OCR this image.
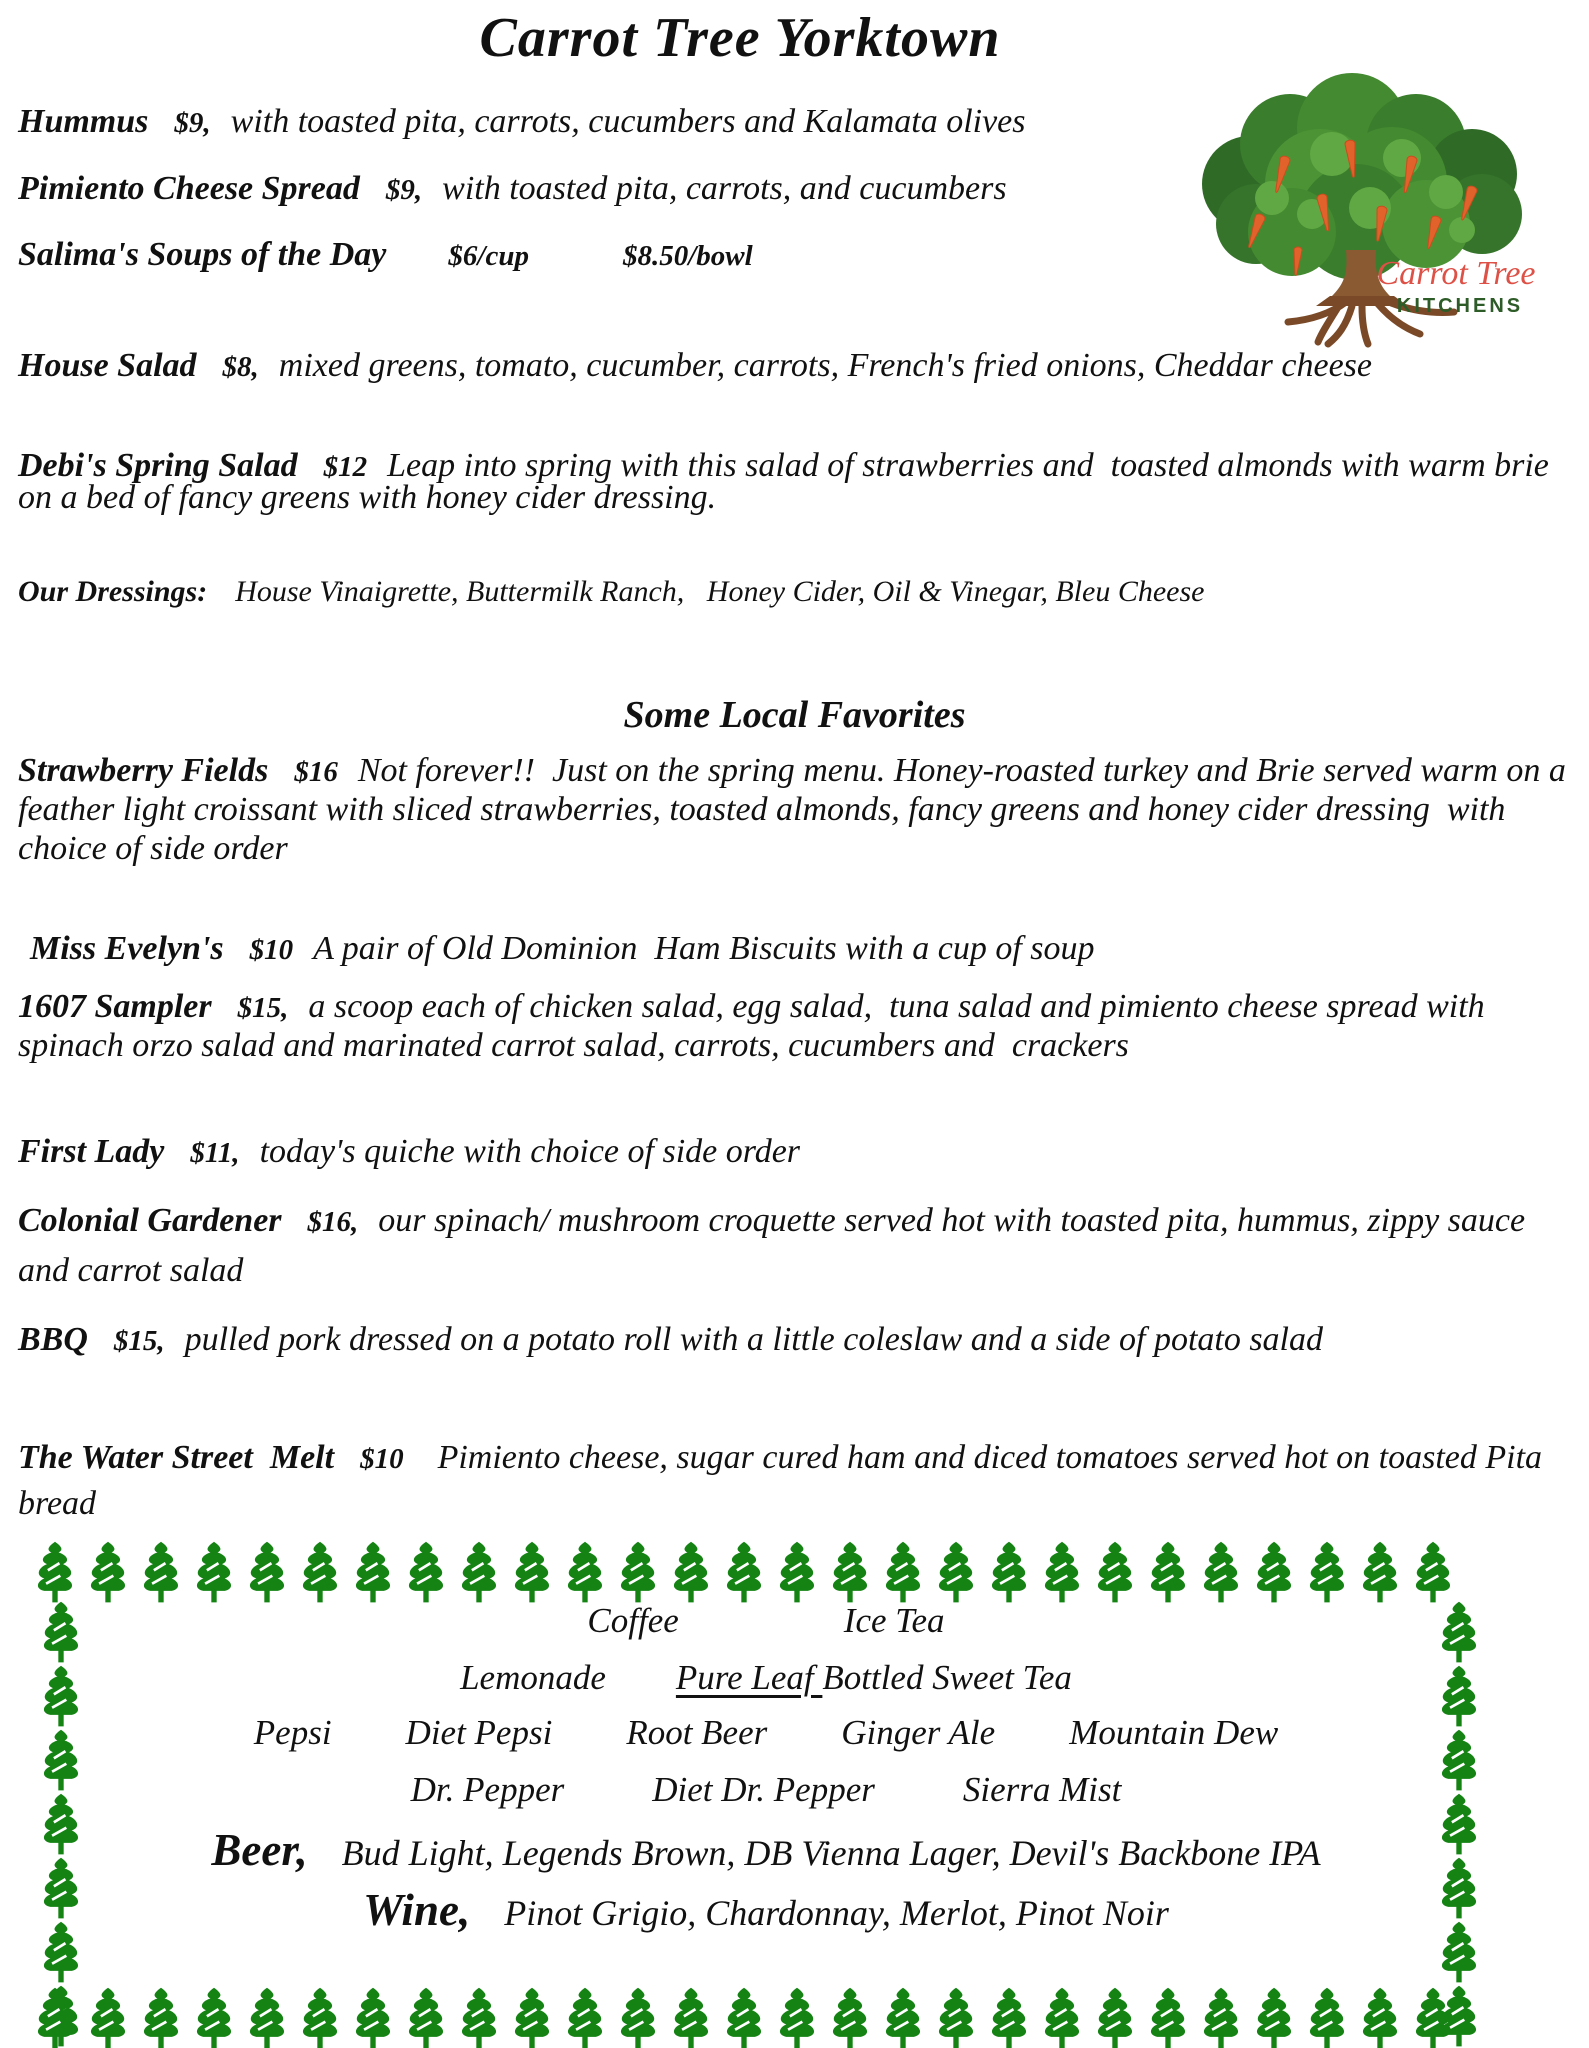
Carrot Tree Yorktown
Carrot Tree
KITCHENS
Hummus $9, with toasted pita, carrots, cucumbers and Kalamata olives
Pimiento Cheese Spread $9, with toasted pita, carrots, and cucumbers
Salima's Soups of the Day $6/cup	$8.50/bowl
House Salad $8, mixed greens, tomato, cucumber, carrots, French's fried onions, Cheddar cheese
Debi's Spring Salad $12 Leap into spring with this salad of strawberries and  toasted almonds with warm brie on a bed of fancy greens with honey cider dressing.
Our Dressings: House Vinaigrette, Buttermilk Ranch,   Honey Cider, Oil & Vinegar, Bleu Cheese
Some Local Favorites
Strawberry Fields $16 Not forever!!  Just on the spring menu. Honey-roasted turkey and Brie served warm on a feather light croissant with sliced strawberries, toasted almonds, fancy greens and honey cider dressing  with choice of side order
Miss Evelyn's $10 A pair of Old Dominion  Ham Biscuits with a cup of soup
1607 Sampler $15, a scoop each of chicken salad, egg salad,  tuna salad and pimiento cheese spread with spinach orzo salad and marinated carrot salad, carrots, cucumbers and  crackers
First Lady $11, today's quiche with choice of side order
Colonial Gardener $16, our spinach/ mushroom croquette served hot with toasted pita, hummus, zippy sauce and carrot salad
BBQ $15, pulled pork dressed on a potato roll with a little coleslaw and a side of potato salad
The Water Street  Melt $10 Pimiento cheese, sugar cured ham and diced tomatoes served hot on toasted Pita bread
Coffee	Ice Tea
Lemonade Pure Leaf Bottled Sweet Tea
Pepsi Diet Pepsi Root Beer Ginger Ale Mountain Dew
Dr. Pepper	Diet Dr. Pepper	Sierra Mist
Beer, Bud Light, Legends Brown, DB Vienna Lager, Devil's Backbone IPA
Wine, Pinot Grigio, Chardonnay, Merlot, Pinot Noir
